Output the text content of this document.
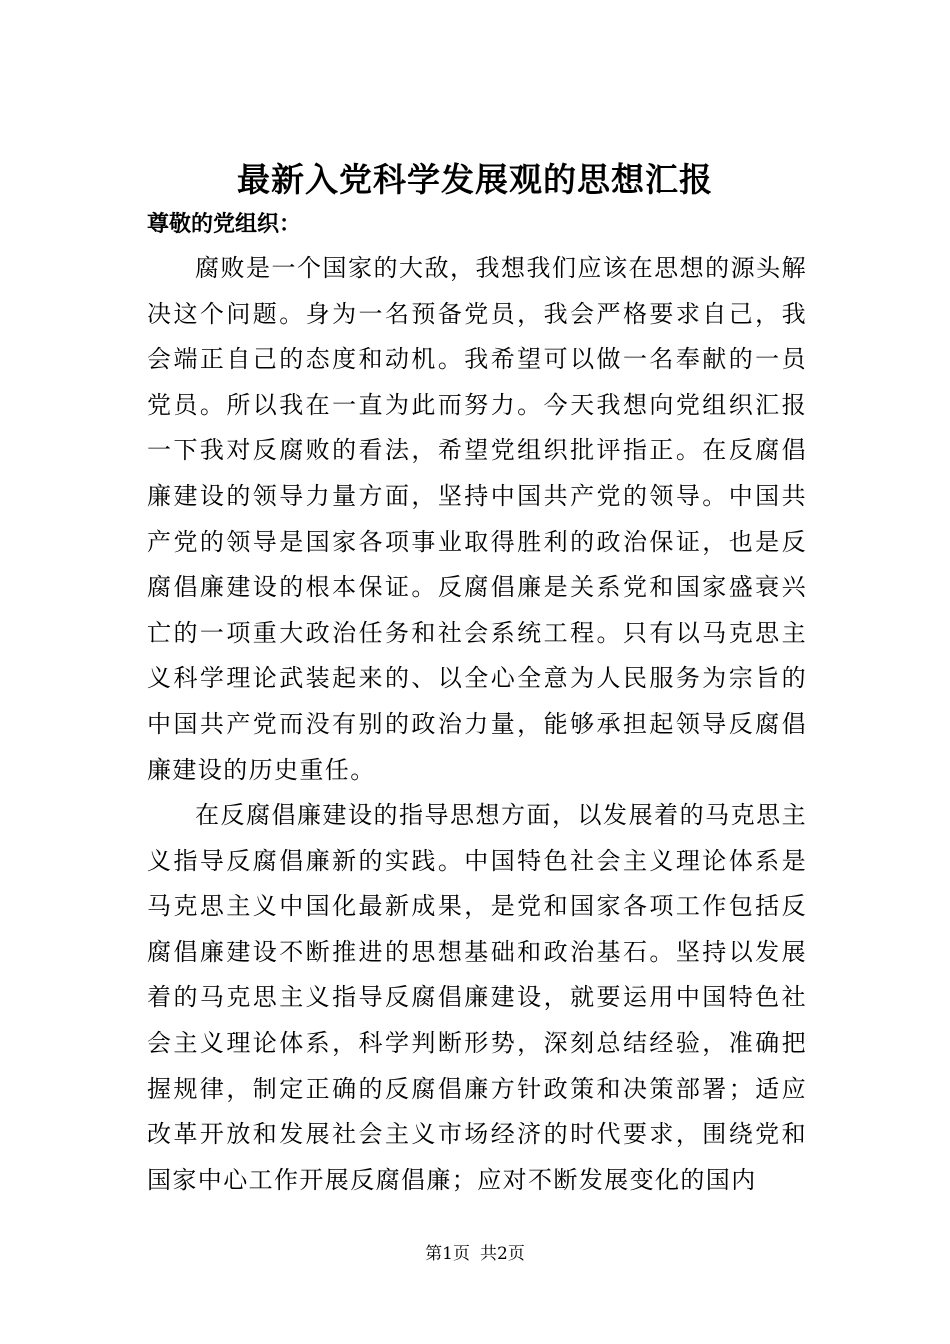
最新入党科学发展观的思想汇报
尊敬的党组织：

腐败是一个国家的大敌，我想我们应该在思想的源头解决这个问题。身为一名预备党员，我会严格要求自己，我会端正自己的态度和动机。我希望可以做一名奉献的一员党员。所以我在一直为此而努力。今天我想向党组织汇报一下我对反腐败的看法，希望党组织批评指正。在反腐倡廉建设的领导力量方面，坚持中国共产党的领导。中国共产党的领导是国家各项事业取得胜利的政治保证，也是反腐倡廉建设的根本保证。反腐倡廉是关系党和国家盛衰兴亡的一项重大政治任务和社会系统工程。只有以马克思主义科学理论武装起来的、以全心全意为人民服务为宗旨的中国共产党而没有别的政治力量，能够承担起领导反腐倡廉建设的历史重任。

在反腐倡廉建设的指导思想方面，以发展着的马克思主义指导反腐倡廉新的实践。中国特色社会主义理论体系是马克思主义中国化最新成果，是党和国家各项工作包括反腐倡廉建设不断推进的思想基础和政治基石。坚持以发展着的马克思主义指导反腐倡廉建设，就要运用中国特色社会主义理论体系，科学判断形势，深刻总结经验，准确把握规律，制定正确的反腐倡廉方针政策和决策部署；适应改革开放和发展社会主义市场经济的时代要求，围绕党和国家中心工作开展反腐倡廉；应对不断发展变化的国内

第1页 共2页
